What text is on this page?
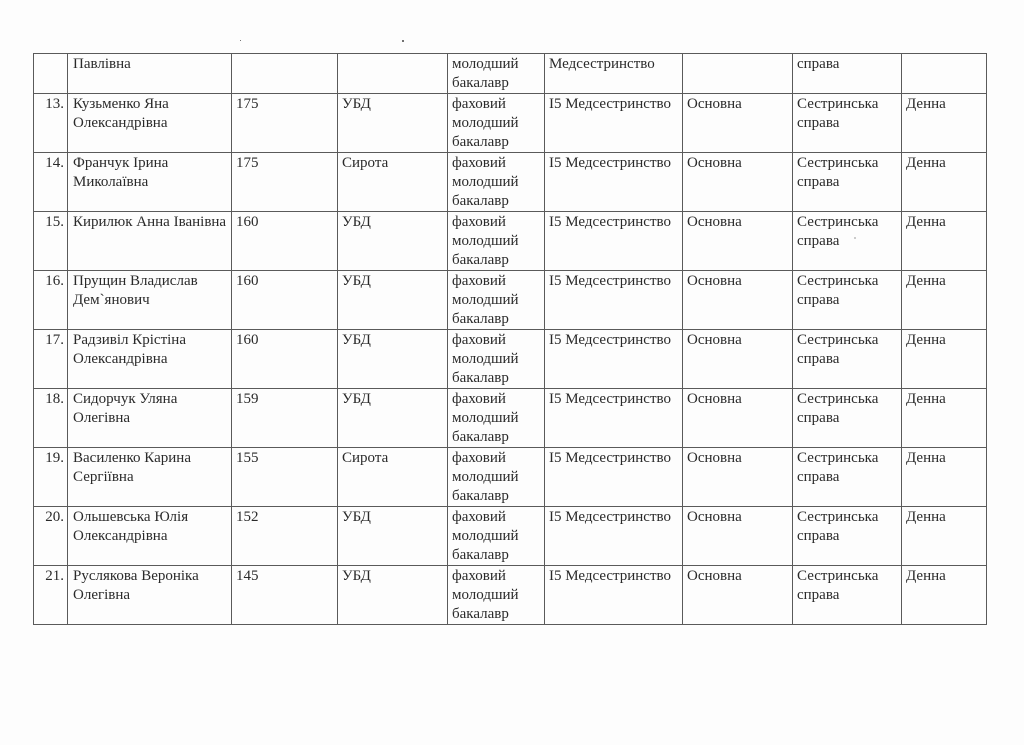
	Павлівна			молодший бакалавр	Медсестринство		справа	
13.	Кузьменко Яна Олександрівна	175	УБД	фаховий молодший бакалавр	I5 Медсестринство	Основна	Сестринська справа	Денна
14.	Франчук Ірина Миколаївна	175	Сирота	фаховий молодший бакалавр	I5 Медсестринство	Основна	Сестринська справа	Денна
15.	Кирилюк Анна Іванівна	160	УБД	фаховий молодший бакалавр	I5 Медсестринство	Основна	Сестринська справа	Денна
16.	Прущин Владислав Дем`янович	160	УБД	фаховий молодший бакалавр	I5 Медсестринство	Основна	Сестринська справа	Денна
17.	Радзивіл Крістіна Олександрівна	160	УБД	фаховий молодший бакалавр	I5 Медсестринство	Основна	Сестринська справа	Денна
18.	Сидорчук Уляна Олегівна	159	УБД	фаховий молодший бакалавр	I5 Медсестринство	Основна	Сестринська справа	Денна
19.	Василенко Карина Сергіївна	155	Сирота	фаховий молодший бакалавр	I5 Медсестринство	Основна	Сестринська справа	Денна
20.	Ольшевська Юлія Олександрівна	152	УБД	фаховий молодший бакалавр	I5 Медсестринство	Основна	Сестринська справа	Денна
21.	Руслякова Вероніка Олегівна	145	УБД	фаховий молодший бакалавр	I5 Медсестринство	Основна	Сестринська справа	Денна
